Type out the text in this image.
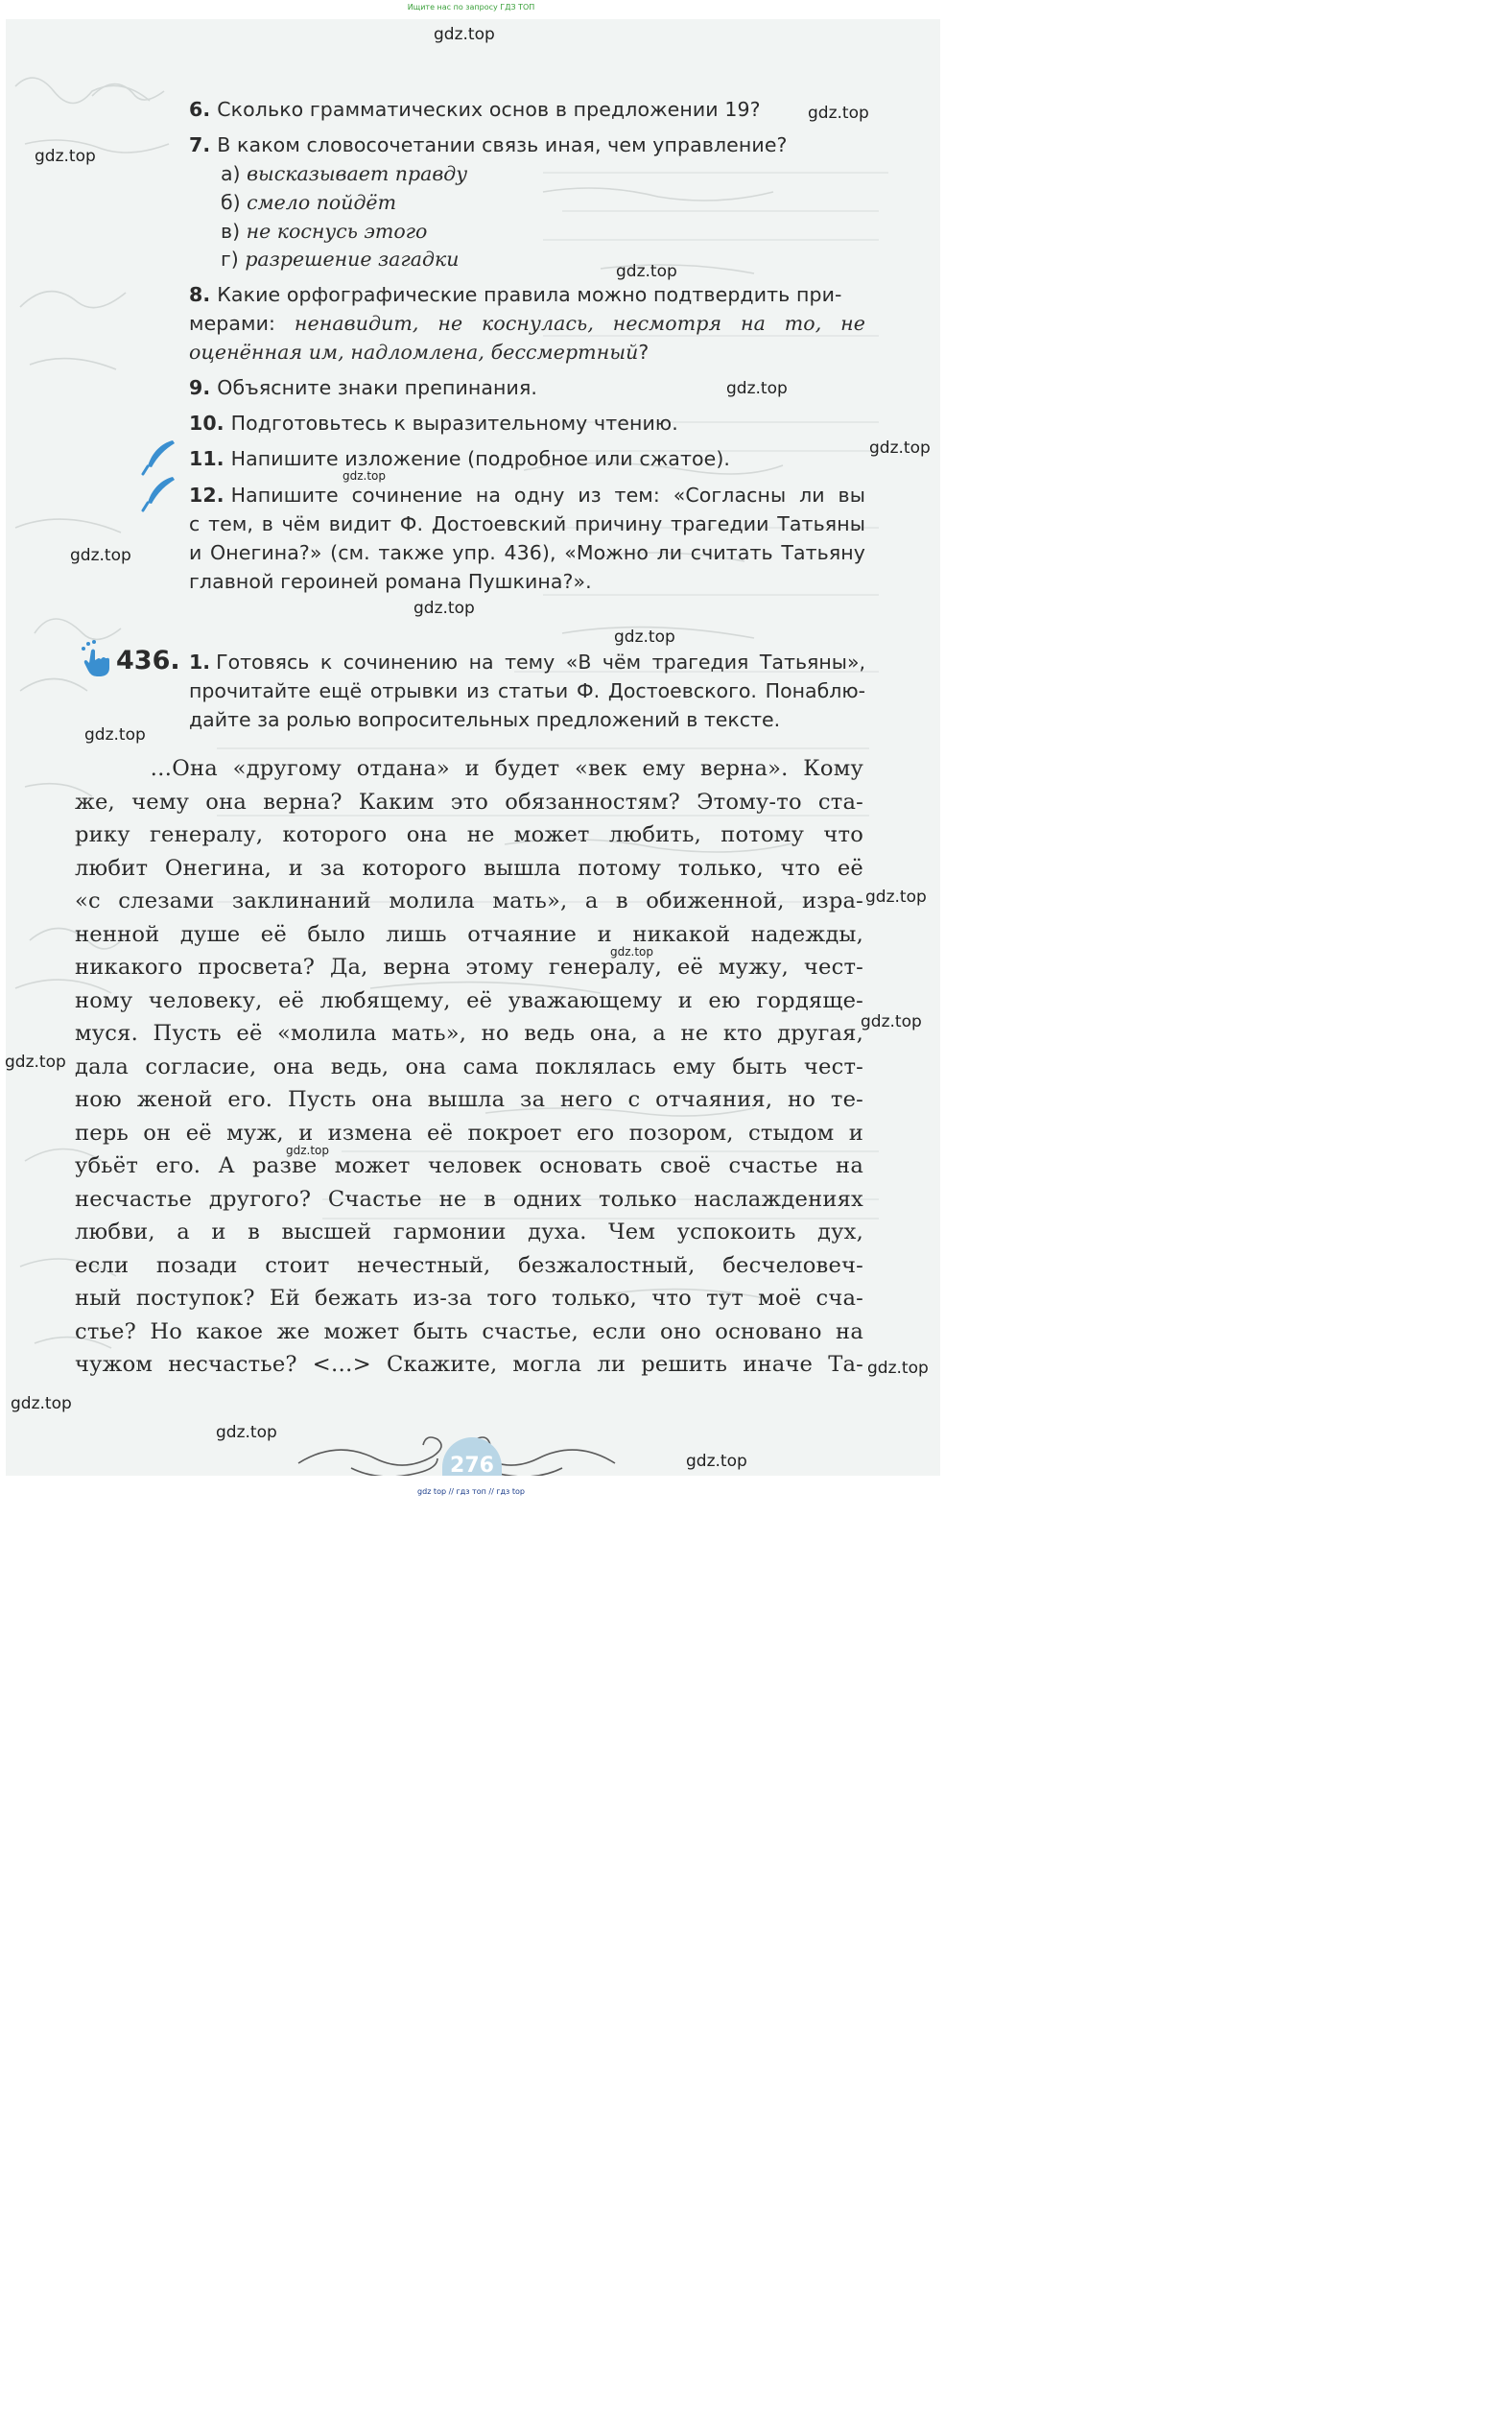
Ищите нас по запросу ГДЗ ТОП
276
6. Сколько грамматических основ в предложении 19?
7. В каком словосочетании связь иная, чем управление?
а) высказывает правду
б) смело пойдёт
в) не коснусь этого
г) разрешение загадки
8. Какие орфографические правила можно подтвердить при-
мерами: ненавидит, не коснулась, несмотря на то, не
оценённая им, надломлена, бессмертный?
9. Объясните знаки препинания.
10. Подготовьтесь к выразительному чтению.
11. Напишите изложение (подробное или сжатое).
12. Напишите сочинение на одну из тем: «Согласны ли вы
с тем, в чём видит Ф. Достоевский причину трагедии Татьяны
и Онегина?» (см. также упр. 436), «Можно ли считать Татьяну
главной героиней романа Пушкина?».
436. 1. Готовясь к сочинению на тему «В чём трагедия Татьяны»,
прочитайте ещё отрывки из статьи Ф. Достоевского. Понаблю-
дайте за ролью вопросительных предложений в тексте.
…Она «другому отдана» и будет «век ему верна». Кому
же, чему она верна? Каким это обязанностям? Этому-то ста-
рику генералу, которого она не может любить, потому что
любит Онегина, и за которого вышла потому только, что её
«с слезами заклинаний молила мать», а в обиженной, изра-
ненной душе её было лишь отчаяние и никакой надежды,
никакого просвета? Да, верна этому генералу, её мужу, чест-
ному человеку, её любящему, её уважающему и ею гордяще-
муся. Пусть её «молила мать», но ведь она, а не кто другая,
дала согласие, она ведь, она сама поклялась ему быть чест-
ною женой его. Пусть она вышла за него с отчаяния, но те-
перь он её муж, и измена её покроет его позором, стыдом и
убьёт его. А разве может человек основать своё счастье на
несчастье другого? Счастье не в одних только наслаждениях
любви, а и в высшей гармонии духа. Чем успокоить дух,
если позади стоит нечестный, безжалостный, бесчеловеч-
ный поступок? Ей бежать из-за того только, что тут моё сча-
стье? Но какое же может быть счастье, если оно основано на
чужом несчастье? <…> Скажите, могла ли решить иначе Та-
gdz.top
gdz.top
gdz.top
gdz.top
gdz.top
gdz.top
gdz.top
gdz.top
gdz.top
gdz.top
gdz.top
gdz.top
gdz.top
gdz.top
gdz.top
gdz.top
gdz.top
gdz.top
gdz.top
gdz.top
gdz top // гдз топ // гдз top
